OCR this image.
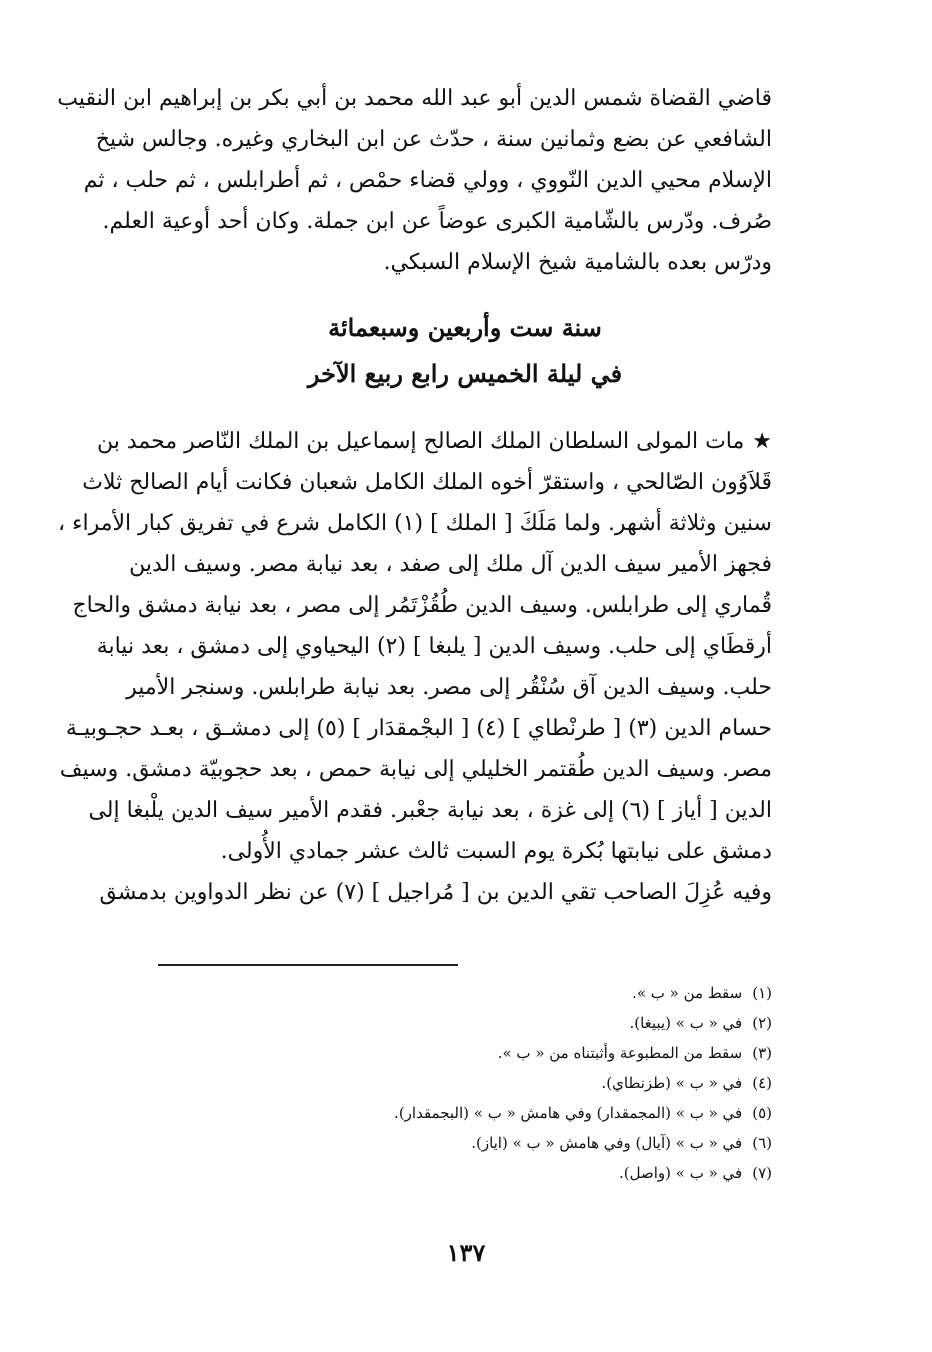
قاضي القضاة شمس الدين أبو عبد الله محمد بن أبي بكر بن إبراهيم ابن النقيب
الشافعي عن بضع وثمانين سنة ، حدّث عن ابن البخاري وغيره. وجالس شيخ
الإسلام محيي الدين النّووي ، وولي قضاء حمْص ، ثم أطرابلس ، ثم حلب ، ثم
صُرف. ودّرس بالشّامية الكبرى عوضاً عن ابن جملة. وكان أحد أوعية العلم.
ودرّس بعده بالشامية شيخ الإسلام السبكي.

سنة ست وأربعين وسبعمائة
في ليلة الخميس رابع ربيع الآخر

★مات المولى السلطان الملك الصالح إسماعيل بن الملك النّاصر محمد بن
قَلاَوُون الصّالحي ، واستقرّ أخوه الملك الكامل شعبان فكانت أيام الصالح ثلاث
سنين وثلاثة أشهر. ولما مَلَكَ [ الملك ] (١) الكامل شرع في تفريق كبار الأمراء ،
فجهز الأمير سيف الدين آل ملك إلى صفد ، بعد نيابة مصر. وسيف الدين
قُماري إلى طرابلس. وسيف الدين طُقُزْتَمُر إلى مصر ، بعد نيابة دمشق والحاج
أرقطَاي إلى حلب. وسيف الدين [ يلبغا ] (٢) اليحياوي إلى دمشق ، بعد نيابة
حلب. وسيف الدين آق سُنْقُر إلى مصر. بعد نيابة طرابلس. وسنجر الأمير
حسام الدين (٣) [ طرنْطاي ] (٤) [ البجْمقدَار ] (٥) إلى دمشـق ، بعـد حجـوبيـة
مصر. وسيف الدين طُقتمر الخليلي إلى نيابة حمص ، بعد حجوبيّة دمشق. وسيف
الدين [ أياز ] (٦) إلى غزة ، بعد نيابة جعْبر. فقدم الأمير سيف الدين يلْبغا إلى
دمشق على نيابتها بُكرة يوم السبت ثالث عشر جمادي الأُولى.

وفيه عُزِلَ الصاحب تقي الدين بن [ مُراجيل ] (٧) عن نظر الدواوين بدمشق

(١)سقط من « ب ».
(٢)في « ب » (يبيغا).
(٣)سقط من المطبوعة وأثبتناه من « ب ».
(٤)في « ب » (طزنطاي).
(٥)في « ب » (المجمقدار) وفي هامش « ب » (البجمقدار).
(٦)في « ب » (آيال) وفي هامش « ب » (اياز).
(٧)في « ب » (واصل).
١٣٧
